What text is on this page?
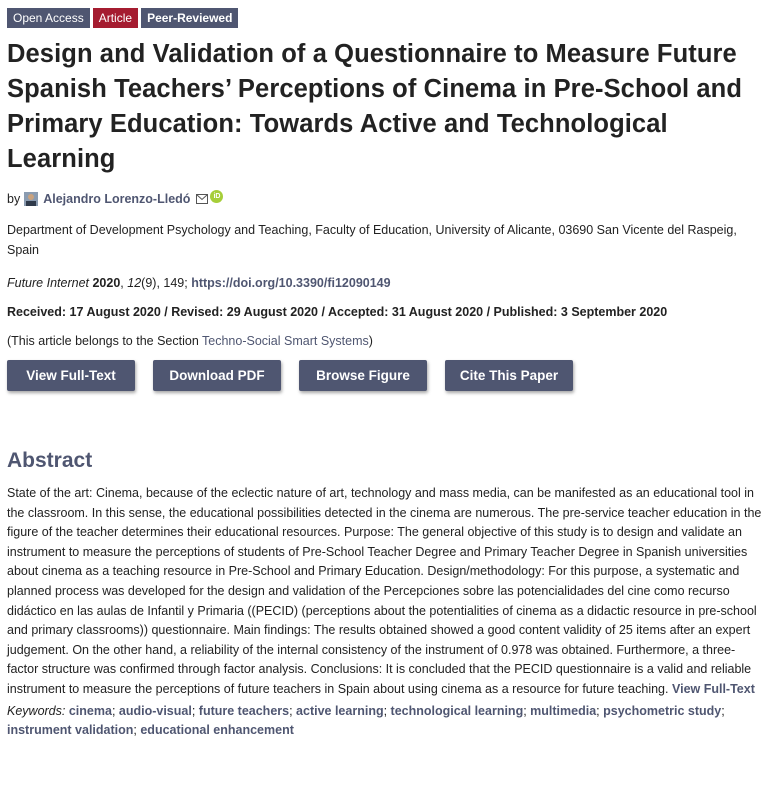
Open Access	Article	Peer-Reviewed
Design and Validation of a Questionnaire to Measure Future Spanish Teachers’ Perceptions of Cinema in Pre-School and Primary Education: Towards Active and Technological Learning
by Alejandro Lorenzo-Lledó	iD
Department of Development Psychology and Teaching, Faculty of Education, University of Alicante, 03690 San Vicente del Raspeig, Spain
Future Internet 2020, 12(9), 149; https://doi.org/10.3390/fi12090149
Received: 17 August 2020 / Revised: 29 August 2020 / Accepted: 31 August 2020 / Published: 3 September 2020
(This article belongs to the Section Techno-Social Smart Systems)
View Full-Text	Download PDF	Browse Figure	Cite This Paper
Abstract
State of the art: Cinema, because of the eclectic nature of art, technology and mass media, can be manifested as an educational tool in the classroom. In this sense, the educational possibilities detected in the cinema are numerous. The pre-service teacher education in the figure of the teacher determines their educational resources. Purpose: The general objective of this study is to design and validate an instrument to measure the perceptions of students of Pre-School Teacher Degree and Primary Teacher Degree in Spanish universities about cinema as a teaching resource in Pre-School and Primary Education. Design/methodology: For this purpose, a systematic and planned process was developed for the design and validation of the Percepciones sobre las potencialidades del cine como recurso didáctico en las aulas de Infantil y Primaria ((PECID) (perceptions about the potentialities of cinema as a didactic resource in pre-school and primary classrooms)) questionnaire. Main findings: The results obtained showed a good content validity of 25 items after an expert judgement. On the other hand, a reliability of the internal consistency of the instrument of 0.978 was obtained. Furthermore, a three-factor structure was confirmed through factor analysis. Conclusions: It is concluded that the PECID questionnaire is a valid and reliable instrument to measure the perceptions of future teachers in Spain about using cinema as a resource for future teaching. View Full-Text
Keywords: cinema; audio-visual; future teachers; active learning; technological learning; multimedia; psychometric study; instrument validation; educational enhancement
